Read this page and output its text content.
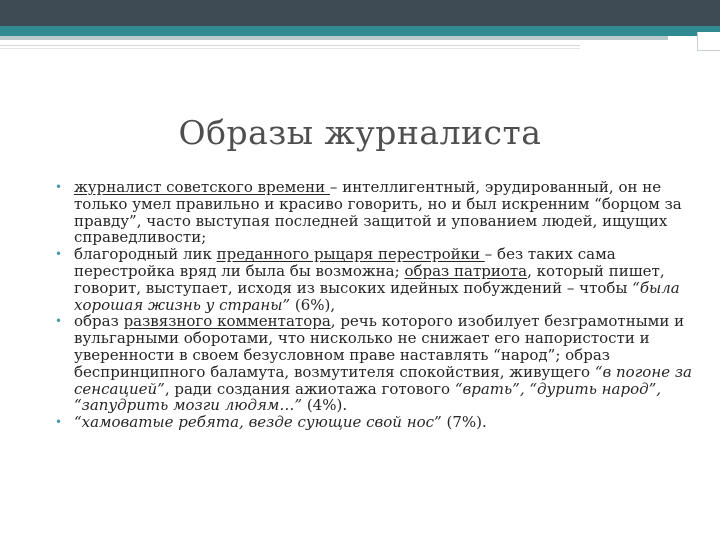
Образы журналиста
• журналист советского времени – интеллигентный, эрудированный, он не только умел правильно и красиво говорить, но и был искренним “борцом за правду”, часто выступая последней защитой и упованием людей, ищущих справедливости;
• благородный лик преданного рыцаря перестройки – без таких сама перестройка вряд ли была бы возможна; образ патриота, который пишет, говорит, выступает, исходя из высоких идейных побуждений – чтобы “была хорошая жизнь у страны” (6%),
• образ развязного комментатора, речь которого изобилует безграмотными и вульгарными оборотами, что нисколько не снижает его напористости и уверенности в своем безусловном праве наставлять “народ”; образ беспринципного баламута, возмутителя спокойствия, живущего “в погоне за сенсацией”, ради создания ажиотажа готового “врать”, “дурить народ”, “запудрить мозги людям…” (4%).
• “хамоватые ребята, везде сующие свой нос” (7%).
